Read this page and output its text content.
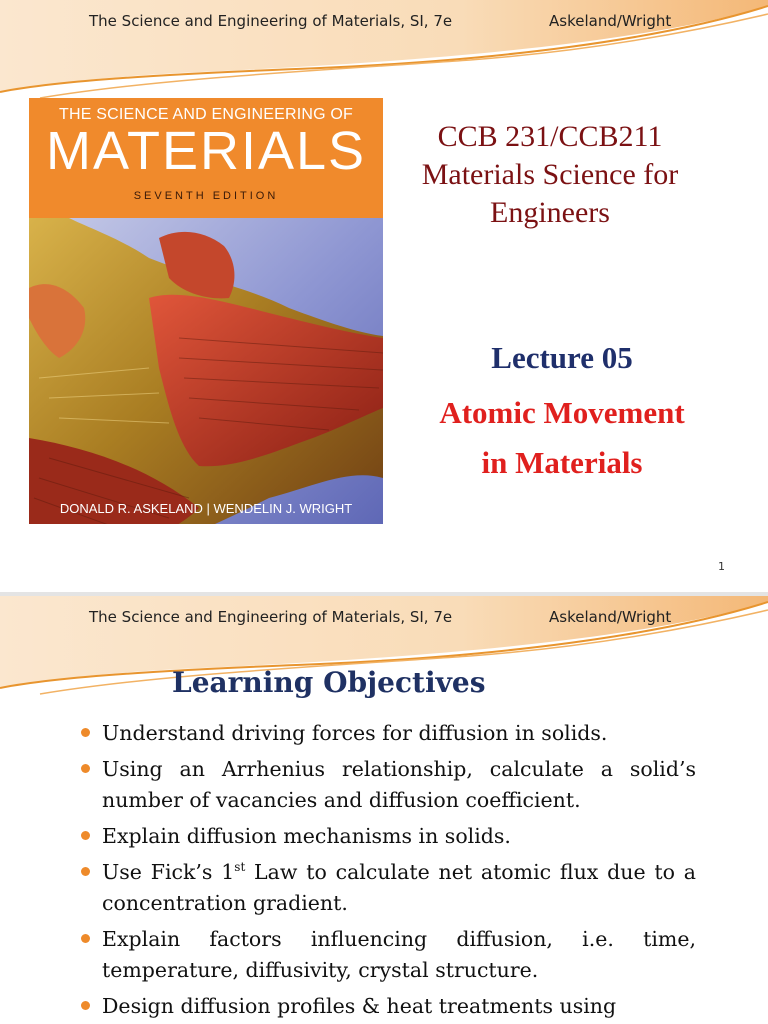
The Science and Engineering of Materials, SI, 7e	Askeland/Wright
THE SCIENCE AND ENGINEERING OF
MATERIALS
SEVENTH EDITION
DONALD R. ASKELAND | WENDELIN J. WRIGHT
CCB 231/CCB211
Materials Science for
Engineers
Lecture 05
Atomic Movement
in Materials
1
The Science and Engineering of Materials, SI, 7e	Askeland/Wright
Learning Objectives
Understand driving forces for diffusion in solids.
Using an Arrhenius relationship, calculate a solid’s number of vacancies and diffusion coefficient.
Explain diffusion mechanisms in solids.
Use Fick’s 1st Law to calculate net atomic flux due to a concentration gradient.
Explain factors influencing diffusion, i.e. time, temperature, diffusivity, crystal structure.
Design diffusion profiles & heat treatments using
